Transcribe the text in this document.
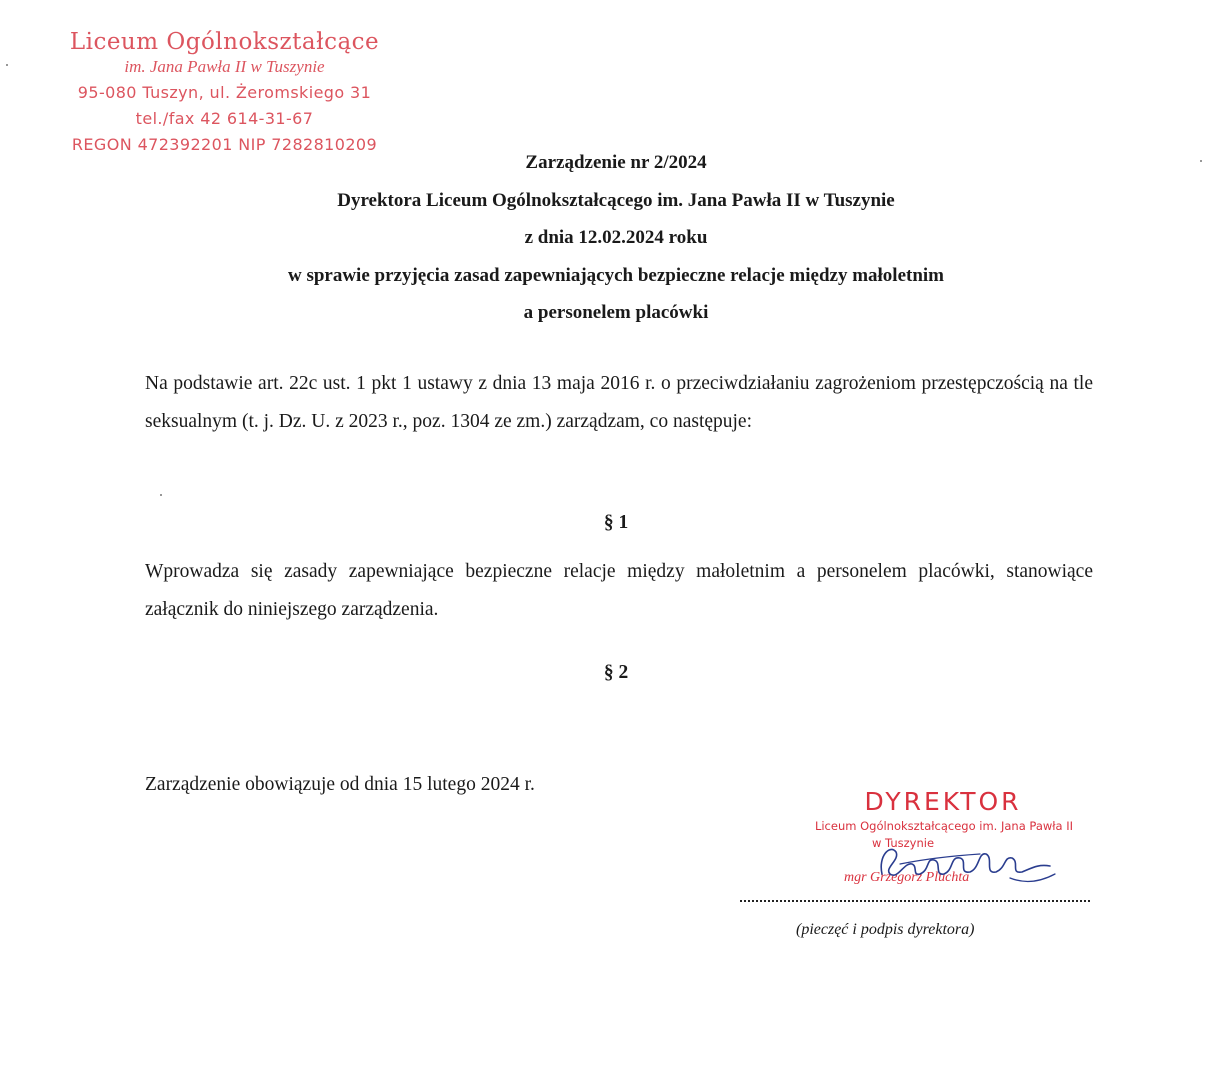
Liceum Ogólnokształcące
im. Jana Pawła II w Tuszynie
95-080 Tuszyn, ul. Żeromskiego 31
tel./fax 42 614-31-67
REGON 472392201 NIP 7282810209
Zarządzenie nr 2/2024
Dyrektora Liceum Ogólnokształcącego im. Jana Pawła II w Tuszynie
z dnia 12.02.2024 roku
w sprawie przyjęcia zasad zapewniających bezpieczne relacje między małoletnim
a personelem placówki
Na podstawie art. 22c ust. 1 pkt 1 ustawy z dnia 13 maja 2016 r. o przeciwdziałaniu zagrożeniom przestępczością na tle seksualnym (t. j. Dz. U. z 2023 r., poz. 1304 ze zm.) zarządzam, co następuje:
§ 1
Wprowadza się zasady zapewniające bezpieczne relacje między małoletnim a personelem placówki, stanowiące załącznik do niniejszego zarządzenia.
§ 2
Zarządzenie obowiązuje od dnia 15 lutego 2024 r.
DYREKTOR
Liceum Ogólnokształcącego im. Jana Pawła II
w Tuszynie
mgr Grzegorz Pluchta
(pieczęć i podpis dyrektora)
